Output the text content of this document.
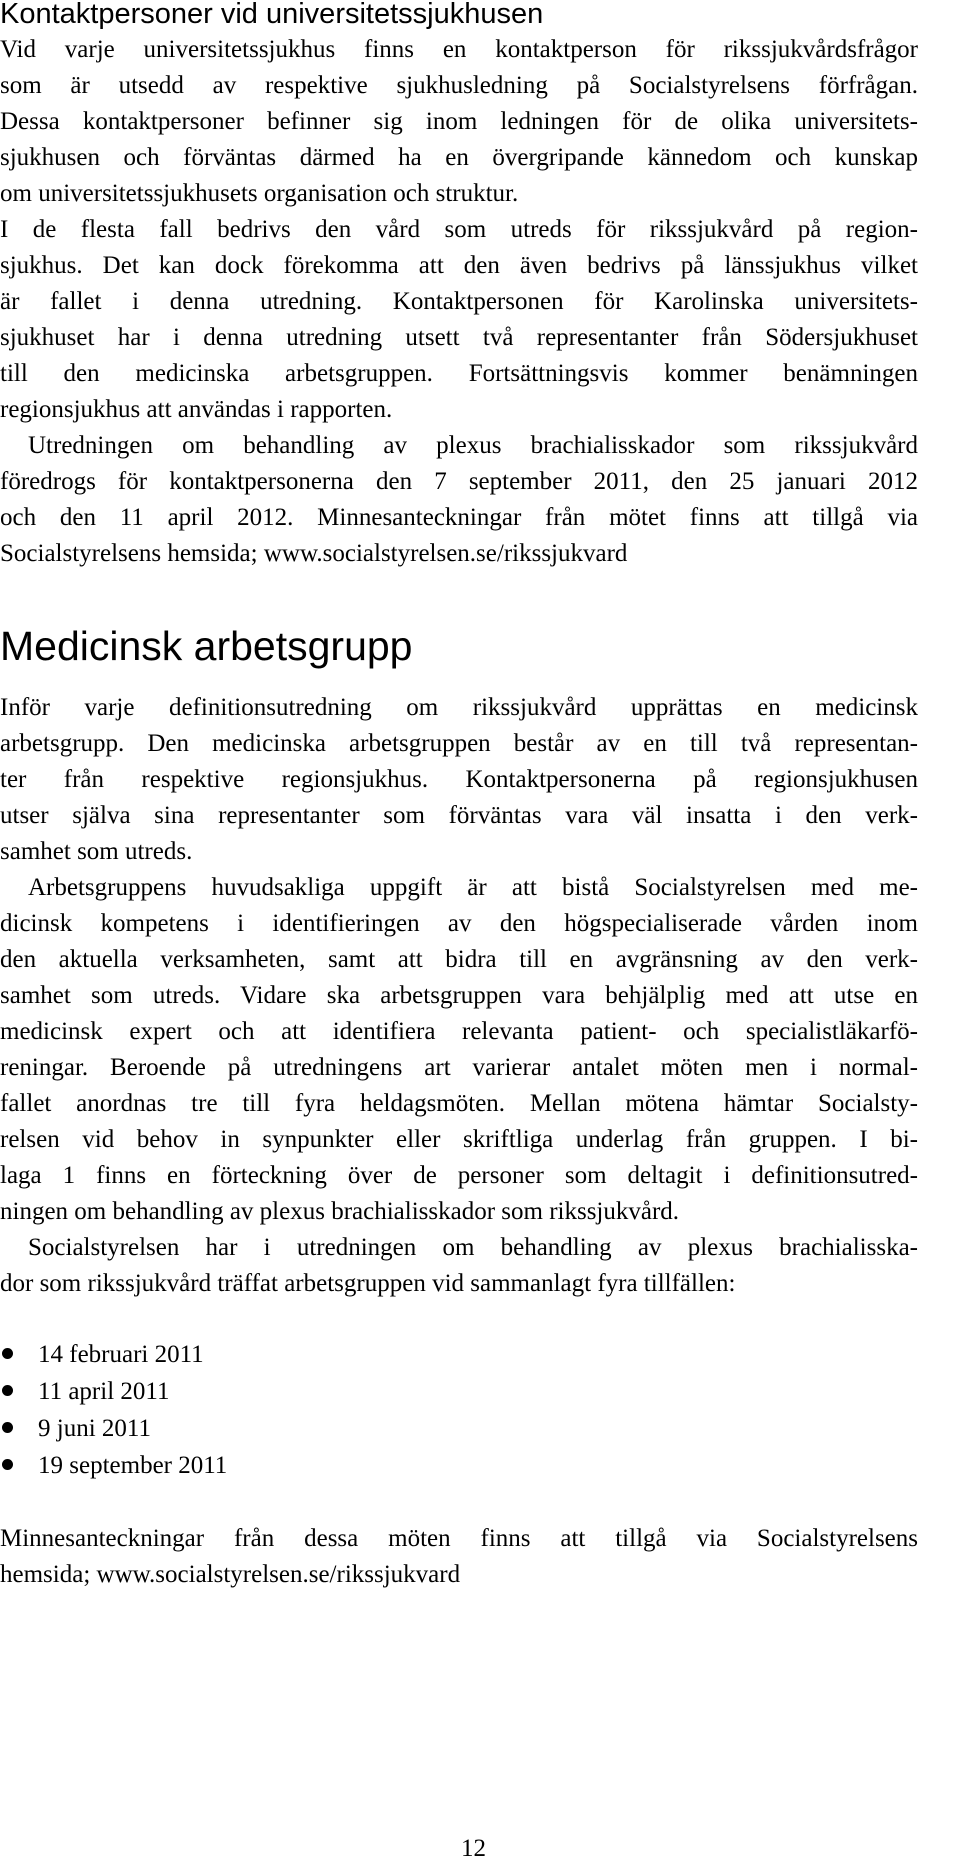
Kontaktpersoner vid universitetssjukhusen

Vid varje universitetssjukhus finns en kontaktperson för rikssjukvårdsfrågor

som är utsedd av respektive sjukhusledning på Socialstyrelsens förfrågan.

Dessa kontaktpersoner befinner sig inom ledningen för de olika universitets-

sjukhusen och förväntas därmed ha en övergripande kännedom och kunskap

om universitetssjukhusets organisation och struktur.

I de flesta fall bedrivs den vård som utreds för rikssjukvård på region-

sjukhus. Det kan dock förekomma att den även bedrivs på länssjukhus vilket

är fallet i denna utredning. Kontaktpersonen för Karolinska universitets-

sjukhuset har i denna utredning utsett två representanter från Södersjukhuset

till den medicinska arbetsgruppen. Fortsättningsvis kommer benämningen

regionsjukhus att användas i rapporten.

Utredningen om behandling av plexus brachialisskador som rikssjukvård

föredrogs för kontaktpersonerna den 7 september 2011, den 25 januari 2012

och den 11 april 2012. Minnesanteckningar från mötet finns att tillgå via

Socialstyrelsens hemsida; www.socialstyrelsen.se/rikssjukvard

Medicinsk arbetsgrupp

Inför varje definitionsutredning om rikssjukvård upprättas en medicinsk

arbetsgrupp. Den medicinska arbetsgruppen består av en till två representan-

ter från respektive regionsjukhus. Kontaktpersonerna på regionsjukhusen

utser själva sina representanter som förväntas vara väl insatta i den verk-

samhet som utreds.

Arbetsgruppens huvudsakliga uppgift är att bistå Socialstyrelsen med me-

dicinsk kompetens i identifieringen av den högspecialiserade vården inom

den aktuella verksamheten, samt att bidra till en avgränsning av den verk-

samhet som utreds. Vidare ska arbetsgruppen vara behjälplig med att utse en

medicinsk expert och att identifiera relevanta patient- och specialistläkarfö-

reningar. Beroende på utredningens art varierar antalet möten men i normal-

fallet anordnas tre till fyra heldagsmöten. Mellan mötena hämtar Socialsty-

relsen vid behov in synpunkter eller skriftliga underlag från gruppen. I bi-

laga 1 finns en förteckning över de personer som deltagit i definitionsutred-

ningen om behandling av plexus brachialisskador som rikssjukvård.

Socialstyrelsen har i utredningen om behandling av plexus brachialisska-

dor som rikssjukvård träffat arbetsgruppen vid sammanlagt fyra tillfällen:

14 februari 2011
11 april 2011
9 juni 2011
19 september 2011

Minnesanteckningar från dessa möten finns att tillgå via Socialstyrelsens

hemsida; www.socialstyrelsen.se/rikssjukvard

12
